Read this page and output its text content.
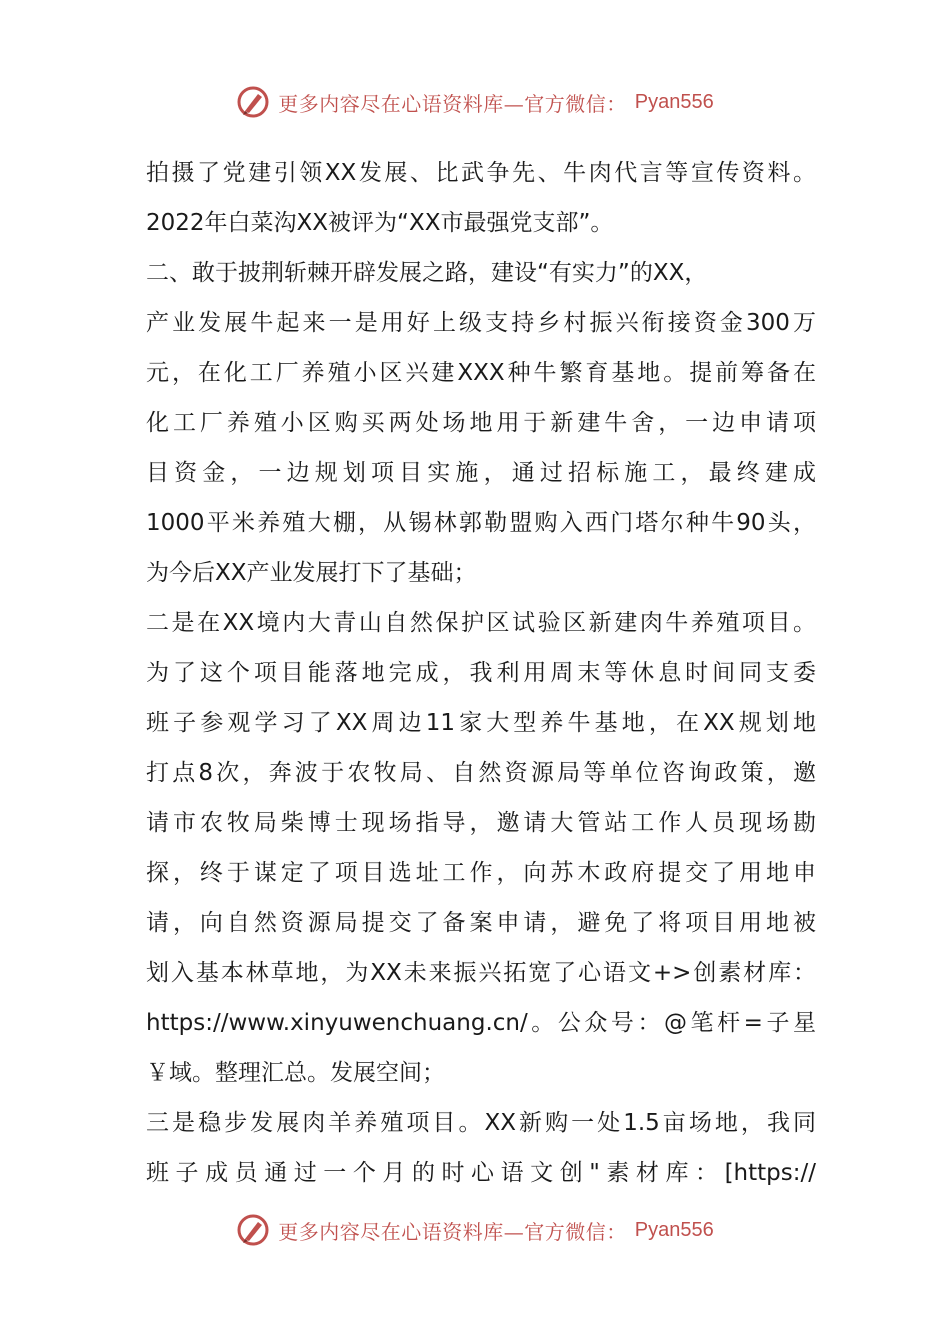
更多内容尽在心语资料库—官方微信： Pyan556
拍摄了党建引领XX发展、比武争先、牛肉代言等宣传资料。
2022年白菜沟XX被评为“XX市最强党支部”。
二、敢于披荆斩棘开辟发展之路，建设“有实力”的XX，
产业发展牛起来一是用好上级支持乡村振兴衔接资金300万
元，在化工厂养殖小区兴建XXX种牛繁育基地。提前筹备在
化工厂养殖小区购买两处场地用于新建牛舍，一边申请项
目资金，一边规划项目实施，通过招标施工，最终建成
1000平米养殖大棚，从锡林郭勒盟购入西门塔尔种牛90头，
为今后XX产业发展打下了基础；
二是在XX境内大青山自然保护区试验区新建肉牛养殖项目。
为了这个项目能落地完成，我利用周末等休息时间同支委
班子参观学习了XX周边11家大型养牛基地，在XX规划地
打点8次，奔波于农牧局、自然资源局等单位咨询政策，邀
请市农牧局柴博士现场指导，邀请大管站工作人员现场勘
探，终于谋定了项目选址工作，向苏木政府提交了用地申
请，向自然资源局提交了备案申请，避免了将项目用地被
划入基本林草地，为XX未来振兴拓宽了心语文+>创素材库：
https://www.xinyuwenchuang.cn/。公众号：@笔杆=子星
￥域。整理汇总。发展空间；
三是稳步发展肉羊养殖项目。XX新购一处1.5亩场地，我同
班子成员通过一个月的时心语文创"素材库：[https://
更多内容尽在心语资料库—官方微信： Pyan556
